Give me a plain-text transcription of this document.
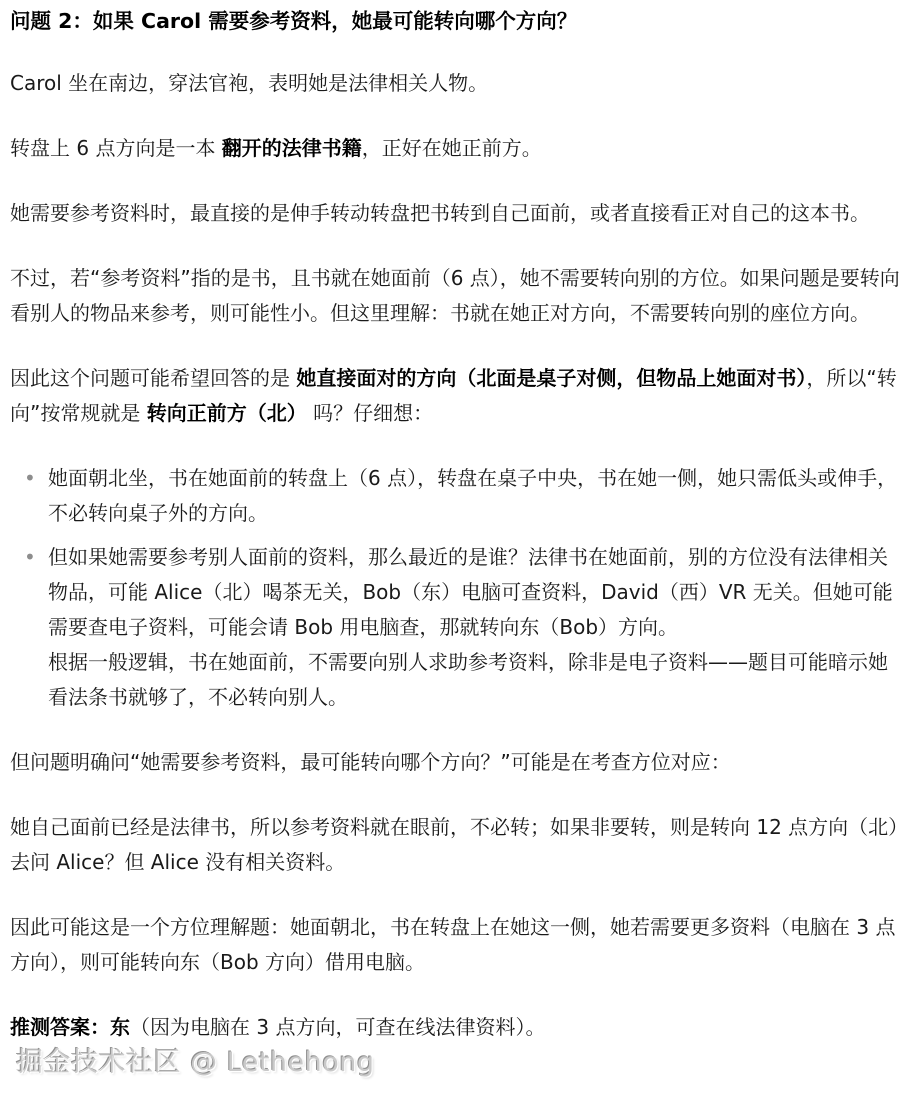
问题 2：如果 Carol 需要参考资料，她最可能转向哪个方向？

Carol 坐在南边，穿法官袍，表明她是法律相关人物。

转盘上 6 点方向是一本 翻开的法律书籍，正好在她正前方。

她需要参考资料时，最直接的是伸手转动转盘把书转到自己面前，或者直接看正对自己的这本书。

不过，若“参考资料”指的是书，且书就在她面前（6 点），她不需要转向别的方位。如果问题是要转向看别人的物品来参考，则可能性小。但这里理解：书就在她正对方向，不需要转向别的座位方向。

因此这个问题可能希望回答的是 她直接面对的方向（北面是桌子对侧，但物品上她面对书），所以“转向”按常规就是 转向正前方（北） 吗？仔细想：

• 她面朝北坐，书在她面前的转盘上（6 点），转盘在桌子中央，书在她一侧，她只需低头或伸手，不必转向桌子外的方向。
• 但如果她需要参考别人面前的资料，那么最近的是谁？法律书在她面前，别的方位没有法律相关物品，可能 Alice（北）喝茶无关，Bob（东）电脑可查资料，David（西）VR 无关。但她可能需要查电子资料，可能会请 Bob 用电脑查，那就转向东（Bob）方向。
根据一般逻辑，书在她面前，不需要向别人求助参考资料，除非是电子资料——题目可能暗示她看法条书就够了，不必转向别人。

但问题明确问“她需要参考资料，最可能转向哪个方向？”可能是在考查方位对应：

她自己面前已经是法律书，所以参考资料就在眼前，不必转；如果非要转，则是转向 12 点方向（北）去问 Alice？但 Alice 没有相关资料。

因此可能这是一个方位理解题：她面朝北，书在转盘上在她这一侧，她若需要更多资料（电脑在 3 点方向），则可能转向东（Bob 方向）借用电脑。

推测答案：东（因为电脑在 3 点方向，可查在线法律资料）。掘金技术社区 @ Lethehong
